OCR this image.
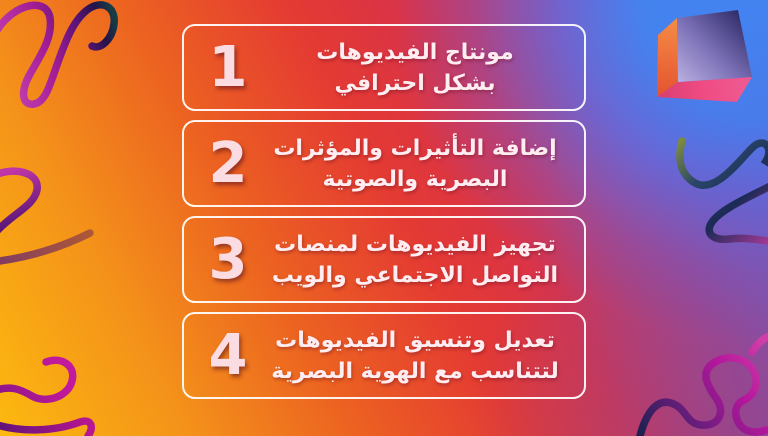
1	مونتاج الفيديوهات
بشكل احترافي
2	إضافة التأثيرات والمؤثرات
البصرية والصوتية
3	تجهيز الفيديوهات لمنصات
التواصل الاجتماعي والويب
4	تعديل وتنسيق الفيديوهات
لتتناسب مع الهوية البصرية
